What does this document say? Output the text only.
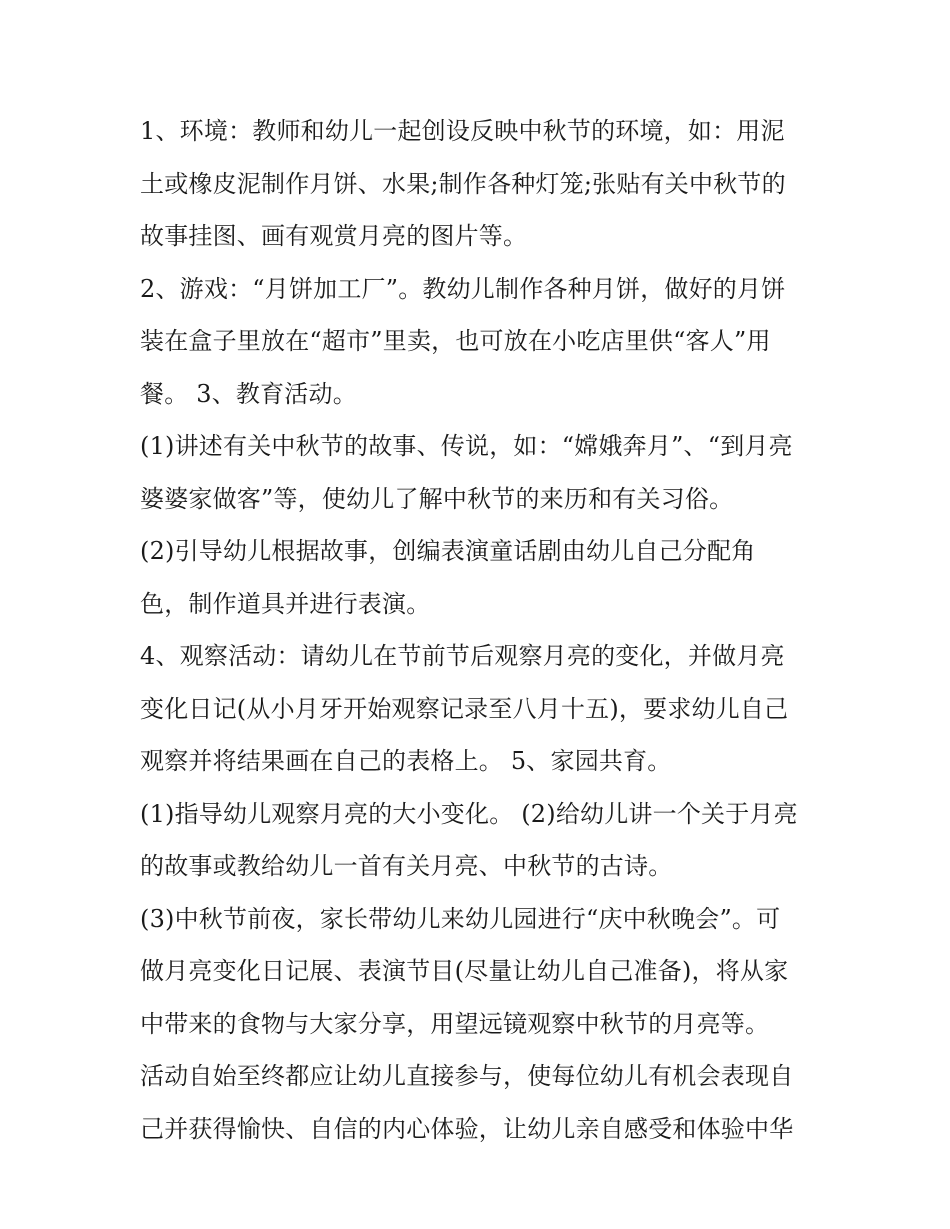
1、环境：教师和幼儿一起创设反映中秋节的环境，如：用泥
土或橡皮泥制作月饼、水果;制作各种灯笼;张贴有关中秋节的
故事挂图、画有观赏月亮的图片等。
2、游戏：“月饼加工厂”。教幼儿制作各种月饼，做好的月饼
装在盒子里放在“超市”里卖，也可放在小吃店里供“客人”用
餐。 3、教育活动。
(1)讲述有关中秋节的故事、传说，如：“嫦娥奔月”、“到月亮
婆婆家做客”等，使幼儿了解中秋节的来历和有关习俗。
(2)引导幼儿根据故事，创编表演童话剧由幼儿自己分配角
色，制作道具并进行表演。
4、观察活动：请幼儿在节前节后观察月亮的变化，并做月亮
变化日记(从小月牙开始观察记录至八月十五)，要求幼儿自己
观察并将结果画在自己的表格上。 5、家园共育。
(1)指导幼儿观察月亮的大小变化。 (2)给幼儿讲一个关于月亮
的故事或教给幼儿一首有关月亮、中秋节的古诗。
(3)中秋节前夜，家长带幼儿来幼儿园进行“庆中秋晚会”。可
做月亮变化日记展、表演节目(尽量让幼儿自己准备)，将从家
中带来的食物与大家分享，用望远镜观察中秋节的月亮等。
活动自始至终都应让幼儿直接参与，使每位幼儿有机会表现自
己并获得愉快、自信的内心体验，让幼儿亲自感受和体验中华
